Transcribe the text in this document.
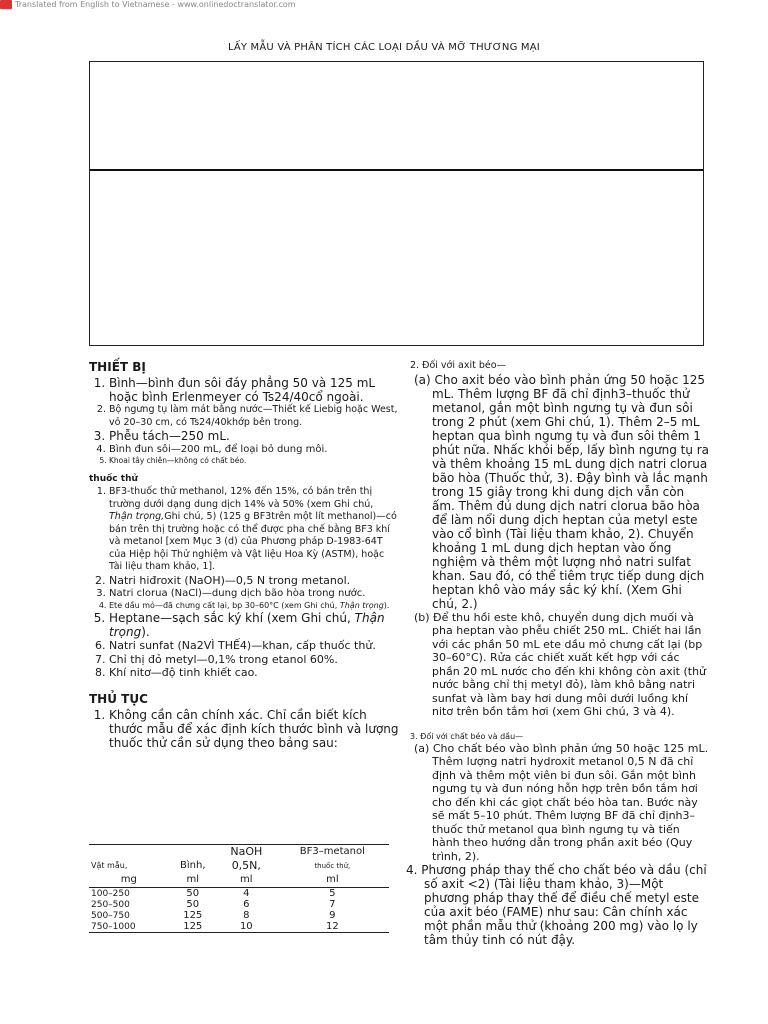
Translated from English to Vietnamese - www.onlinedoctranslator.com
LẤY MẪU VÀ PHÂN TÍCH CÁC LOẠI DẦU VÀ MỠ THƯƠNG MẠI
THIẾT BỊ
1. Bình—bình đun sôi đáy phẳng 50 và 125 mL hoặc bình Erlenmeyer có Ts24/40cổ ngoài.
2. Bộ ngưng tụ làm mát bằng nước—Thiết kế Liebig hoặc West, vỏ 20–30 cm, có Ts24/40khớp bên trong.
3. Phễu tách—250 mL.
4. Bình đun sôi—200 mL, để loại bỏ dung môi.
5. Khoai tây chiên—không có chất béo.
thuốc thử
1. BF3-thuốc thử methanol, 12% đến 15%, có bán trên thị trường dưới dạng dung dịch 14% và 50% (xem Ghi chú, Thận trọng,Ghi chú, 5) (125 g BF3trên một lít methanol)—có bán trên thị trường hoặc có thể được pha chế bằng BF3 khí và metanol [xem Mục 3 (d) của Phương pháp D-1983-64T của Hiệp hội Thử nghiệm và Vật liệu Hoa Kỳ (ASTM), hoặc Tài liệu tham khảo, 1].
2. Natri hiđroxit (NaOH)—0,5 N trong metanol.
3. Natri clorua (NaCl)—dung dịch bão hòa trong nước.
4. Ete dầu mỏ—đã chưng cất lại, bp 30–60°C (xem Ghi chú, Thận trọng).
5. Heptane—sạch sắc ký khí (xem Ghi chú, Thận trọng).
6. Natri sunfat (Na2VÌ THẾ4)—khan, cấp thuốc thử.
7. Chỉ thị đỏ metyl—0,1% trong etanol 60%.
8. Khí nitơ—độ tinh khiết cao.
THỦ TỤC
1. Không cần cân chính xác. Chỉ cần biết kích thước mẫu để xác định kích thước bình và lượng thuốc thử cần sử dụng theo bảng sau:
		NaOH	BF3–metanol
Vật mẫu,	Bình,	0,5N,	thuốc thử,
mg	ml	ml	ml
100–250	50	4	5
250–500	50	6	7
500–750	125	8	9
750–1000	125	10	12

2. Đối với axit béo—

(a) Cho axit béo vào bình phản ứng 50 hoặc 125 mL. Thêm lượng BF đã chỉ định3–thuốc thử metanol, gắn một bình ngưng tụ và đun sôi trong 2 phút (xem Ghi chú, 1). Thêm 2–5 mL heptan qua bình ngưng tụ và đun sôi thêm 1 phút nữa. Nhấc khỏi bếp, lấy bình ngưng tụ ra và thêm khoảng 15 mL dung dịch natri clorua bão hòa (Thuốc thử, 3). Đậy bình và lắc mạnh trong 15 giây trong khi dung dịch vẫn còn ấm. Thêm đủ dung dịch natri clorua bão hòa để làm nổi dung dịch heptan của metyl este vào cổ bình (Tài liệu tham khảo, 2). Chuyển khoảng 1 mL dung dịch heptan vào ống nghiệm và thêm một lượng nhỏ natri sulfat khan. Sau đó, có thể tiêm trực tiếp dung dịch heptan khô vào máy sắc ký khí. (Xem Ghi chú, 2.)

(b) Để thu hồi este khô, chuyển dung dịch muối và pha heptan vào phễu chiết 250 mL. Chiết hai lần với các phần 50 mL ete dầu mỏ chưng cất lại (bp 30–60°C). Rửa các chiết xuất kết hợp với các phần 20 mL nước cho đến khi không còn axit (thử nước bằng chỉ thị metyl đỏ), làm khô bằng natri sunfat và làm bay hơi dung môi dưới luồng khí nitơ trên bồn tắm hơi (xem Ghi chú, 3 và 4).

3. Đối với chất béo và dầu—

(a) Cho chất béo vào bình phản ứng 50 hoặc 125 mL. Thêm lượng natri hydroxit metanol 0,5 N đã chỉ định và thêm một viên bi đun sôi. Gắn một bình ngưng tụ và đun nóng hỗn hợp trên bồn tắm hơi cho đến khi các giọt chất béo hòa tan. Bước này sẽ mất 5–10 phút. Thêm lượng BF đã chỉ định3–thuốc thử metanol qua bình ngưng tụ và tiến hành theo hướng dẫn trong phần axit béo (Quy trình, 2).

4. Phương pháp thay thế cho chất béo và dầu (chỉ số axit <2) (Tài liệu tham khảo, 3)—Một phương pháp thay thế để điều chế metyl este của axit béo (FAME) như sau: Cân chính xác một phần mẫu thử (khoảng 200 mg) vào lọ ly tâm thủy tinh có nút đậy.
